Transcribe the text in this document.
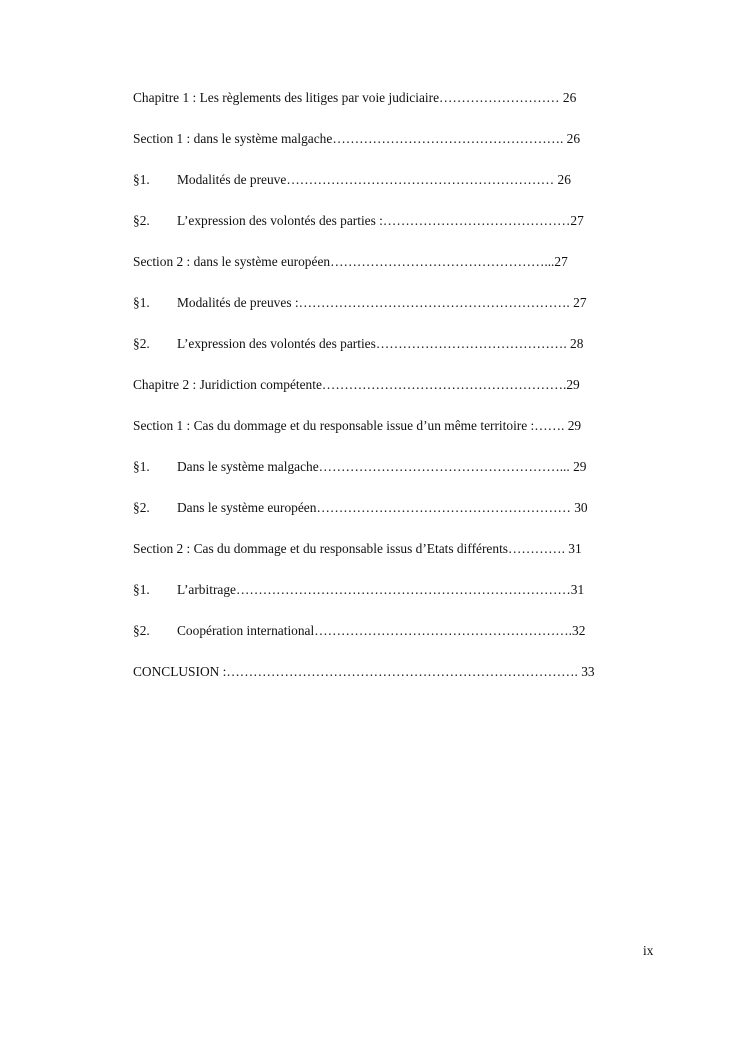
Chapitre 1 : Les règlements des litiges par voie judiciaire……………………… 26
Section 1 : dans le système malgache……………………………………………. 26
§1. Modalités de preuve…………………………………………………… 26
§2. L’expression des volontés des parties :……………………………………27
Section 2 : dans le système européen…………………………………………...27
§1. Modalités de preuves :……………………………………………………. 27
§2. L’expression des volontés des parties……………………………………. 28
Chapitre 2 : Juridiction compétente……………………………………………….29
Section 1 : Cas du dommage et du responsable issue d’un même territoire :……. 29
§1. Dans le système malgache………………………………………………... 29
§2. Dans le système européen………………………………………………… 30
Section 2 : Cas du dommage et du responsable issus d’Etats différents…………. 31
§1. L’arbitrage…………………………………………………………………31
§2. Coopération international………………………………………………….32
CONCLUSION :……………………………………………………………………. 33
ix
